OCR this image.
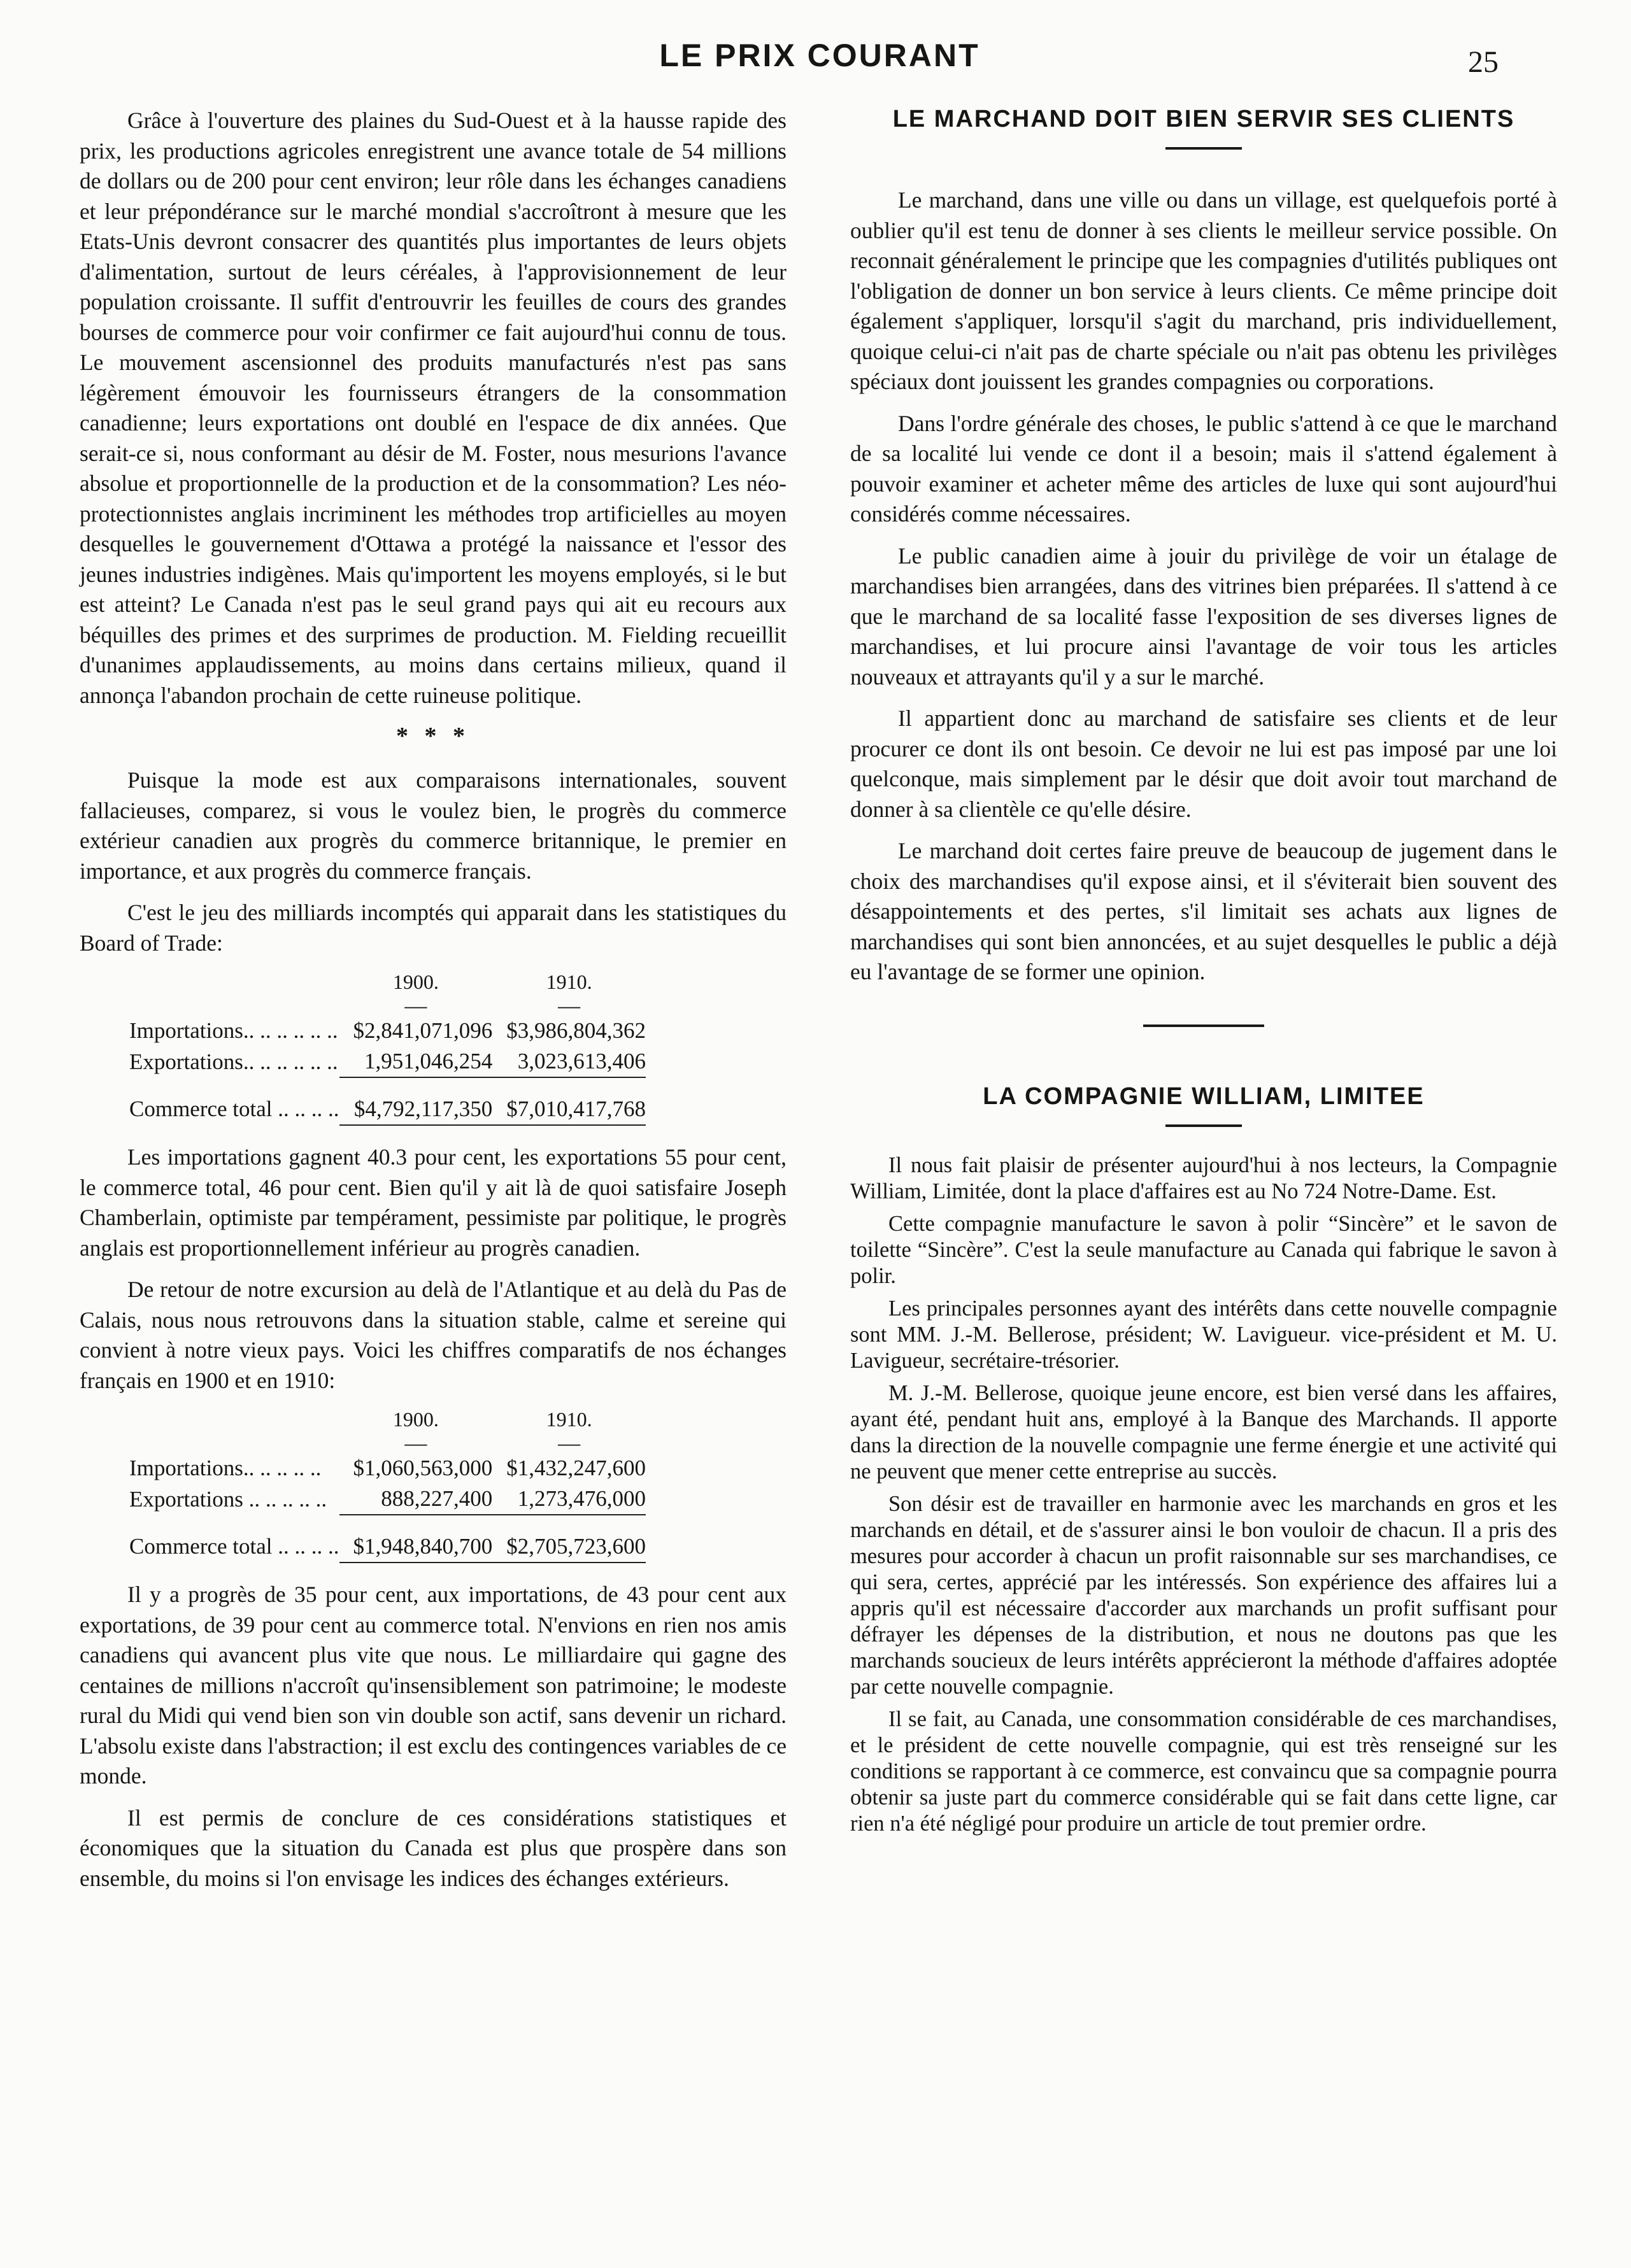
LE PRIX COURANT	25

Grâce à l'ouverture des plaines du Sud-Ouest et à la hausse rapide des prix, les productions agricoles enregistrent une avance totale de 54 millions de dollars ou de 200 pour cent environ; leur rôle dans les échanges canadiens et leur prépondérance sur le marché mondial s'accroîtront à mesure que les Etats-Unis devront consacrer des quantités plus importantes de leurs objets d'alimentation, surtout de leurs céréales, à l'approvisionnement de leur population croissante. Il suffit d'entrouvrir les feuilles de cours des grandes bourses de commerce pour voir confirmer ce fait aujourd'hui connu de tous. Le mouvement ascensionnel des produits manufacturés n'est pas sans légèrement émouvoir les fournisseurs étrangers de la consommation canadienne; leurs exportations ont doublé en l'espace de dix années. Que serait-ce si, nous conformant au désir de M. Foster, nous mesurions l'avance absolue et proportionnelle de la production et de la consommation? Les néo-protectionnistes anglais incriminent les méthodes trop artificielles au moyen desquelles le gouvernement d'Ottawa a protégé la naissance et l'essor des jeunes industries indigènes. Mais qu'importent les moyens employés, si le but est atteint? Le Canada n'est pas le seul grand pays qui ait eu recours aux béquilles des primes et des surprimes de production. M. Fielding recueillit d'unanimes applaudissements, au moins dans certains milieux, quand il annonça l'abandon prochain de cette ruineuse politique.

* * *

Puisque la mode est aux comparaisons internationales, souvent fallacieuses, comparez, si vous le voulez bien, le progrès du commerce extérieur canadien aux progrès du commerce britannique, le premier en importance, et aux progrès du commerce français.

C'est le jeu des milliards incomptés qui apparait dans les statistiques du Board of Trade:

	1900.	1910.
	—	—
Importations.. .. .. .. .. ..	$2,841,071,096	$3,986,804,362
Exportations.. .. .. .. .. ..	1,951,046,254	3,023,613,406
Commerce total .. .. .. ..	$4,792,117,350	$7,010,417,768

Les importations gagnent 40.3 pour cent, les exportations 55 pour cent, le commerce total, 46 pour cent. Bien qu'il y ait là de quoi satisfaire Joseph Chamberlain, optimiste par tempérament, pessimiste par politique, le progrès anglais est proportionnellement inférieur au progrès canadien.

De retour de notre excursion au delà de l'Atlantique et au delà du Pas de Calais, nous nous retrouvons dans la situation stable, calme et sereine qui convient à notre vieux pays. Voici les chiffres comparatifs de nos échanges français en 1900 et en 1910:

	1900.	1910.
	—	—
Importations.. .. .. .. ..	$1,060,563,000	$1,432,247,600
Exportations .. .. .. .. ..	888,227,400	1,273,476,000
Commerce total .. .. .. ..	$1,948,840,700	$2,705,723,600

Il y a progrès de 35 pour cent, aux importations, de 43 pour cent aux exportations, de 39 pour cent au commerce total. N'envions en rien nos amis canadiens qui avancent plus vite que nous. Le milliardaire qui gagne des centaines de millions n'accroît qu'insensiblement son patrimoine; le modeste rural du Midi qui vend bien son vin double son actif, sans devenir un richard. L'absolu existe dans l'abstraction; il est exclu des contingences variables de ce monde.

Il est permis de conclure de ces considérations statistiques et économiques que la situation du Canada est plus que prospère dans son ensemble, du moins si l'on envisage les indices des échanges extérieurs.

LE MARCHAND DOIT BIEN SERVIR SES CLIENTS

Le marchand, dans une ville ou dans un village, est quelquefois porté à oublier qu'il est tenu de donner à ses clients le meilleur service possible. On reconnait généralement le principe que les compagnies d'utilités publiques ont l'obligation de donner un bon service à leurs clients. Ce même principe doit également s'appliquer, lorsqu'il s'agit du marchand, pris individuellement, quoique celui-ci n'ait pas de charte spéciale ou n'ait pas obtenu les privilèges spéciaux dont jouissent les grandes compagnies ou corporations.

Dans l'ordre générale des choses, le public s'attend à ce que le marchand de sa localité lui vende ce dont il a besoin; mais il s'attend également à pouvoir examiner et acheter même des articles de luxe qui sont aujourd'hui considérés comme nécessaires.

Le public canadien aime à jouir du privilège de voir un étalage de marchandises bien arrangées, dans des vitrines bien préparées. Il s'attend à ce que le marchand de sa localité fasse l'exposition de ses diverses lignes de marchandises, et lui procure ainsi l'avantage de voir tous les articles nouveaux et attrayants qu'il y a sur le marché.

Il appartient donc au marchand de satisfaire ses clients et de leur procurer ce dont ils ont besoin. Ce devoir ne lui est pas imposé par une loi quelconque, mais simplement par le désir que doit avoir tout marchand de donner à sa clientèle ce qu'elle désire.

Le marchand doit certes faire preuve de beaucoup de jugement dans le choix des marchandises qu'il expose ainsi, et il s'éviterait bien souvent des désappointements et des pertes, s'il limitait ses achats aux lignes de marchandises qui sont bien annoncées, et au sujet desquelles le public a déjà eu l'avantage de se former une opinion.

LA COMPAGNIE WILLIAM, LIMITEE

Il nous fait plaisir de présenter aujourd'hui à nos lecteurs, la Compagnie William, Limitée, dont la place d'affaires est au No 724 Notre-Dame. Est.

Cette compagnie manufacture le savon à polir “Sincère” et le savon de toilette “Sincère”. C'est la seule manufacture au Canada qui fabrique le savon à polir.

Les principales personnes ayant des intérêts dans cette nouvelle compagnie sont MM. J.-M. Bellerose, président; W. Lavigueur. vice-président et M. U. Lavigueur, secrétaire-trésorier.

M. J.-M. Bellerose, quoique jeune encore, est bien versé dans les affaires, ayant été, pendant huit ans, employé à la Banque des Marchands. Il apporte dans la direction de la nouvelle compagnie une ferme énergie et une activité qui ne peuvent que mener cette entreprise au succès.

Son désir est de travailler en harmonie avec les marchands en gros et les marchands en détail, et de s'assurer ainsi le bon vouloir de chacun. Il a pris des mesures pour accorder à chacun un profit raisonnable sur ses marchandises, ce qui sera, certes, apprécié par les intéressés. Son expérience des affaires lui a appris qu'il est nécessaire d'accorder aux marchands un profit suffisant pour défrayer les dépenses de la distribution, et nous ne doutons pas que les marchands soucieux de leurs intérêts apprécieront la méthode d'affaires adoptée par cette nouvelle compagnie.

Il se fait, au Canada, une consommation considérable de ces marchandises, et le président de cette nouvelle compagnie, qui est très renseigné sur les conditions se rapportant à ce commerce, est convaincu que sa compagnie pourra obtenir sa juste part du commerce considérable qui se fait dans cette ligne, car rien n'a été négligé pour produire un article de tout premier ordre.
